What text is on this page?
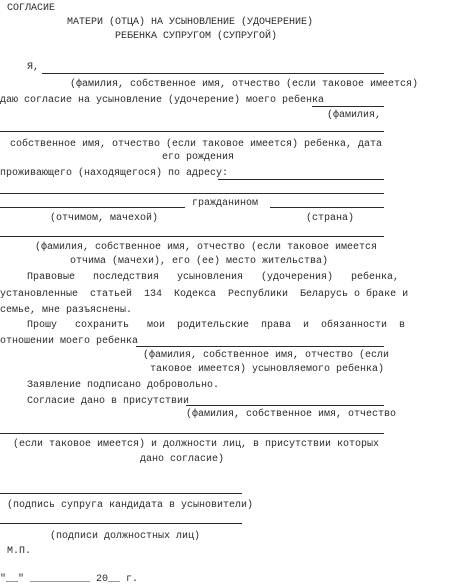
СОГЛАСИЕ
МАТЕРИ (ОТЦА) НА УСЫНОВЛЕНИЕ (УДОЧЕРЕНИЕ)
РЕБЕНКА СУПРУГОМ (СУПРУГОЙ)
Я,
(фамилия, собственное имя, отчество (если таковое имеется)
даю согласие на усыновление (удочерение) моего ребенка
(фамилия,
собственное имя, отчество (если таковое имеется) ребенка, дата
его рождения
проживающего (находящегося) по адресу:
гражданином
(отчимом, мачехой)	(страна)
(фамилия, собственное имя, отчество (если таковое имеется
отчима (мачехи), его (ее) место жительства)
Правовые   последствия   усыновления   (удочерения)   ребенка,
установленные  статьей  134  Кодекса  Республики  Беларусь о браке и
семье, мне разъяснены.
Прошу   сохранить   мои  родительские  права  и  обязанности  в
отношении моего ребенка
(фамилия, собственное имя, отчество (если
таковое имеется) усыновляемого ребенка)
Заявление подписано добровольно.
Согласие дано в присутствии
(фамилия, собственное имя, отчество
(если таковое имеется) и должности лиц, в присутствии которых
дано согласие)
(подпись супруга кандидата в усыновители)
(подписи должностных лиц)
М.П.
"__" __________ 20__ г.
